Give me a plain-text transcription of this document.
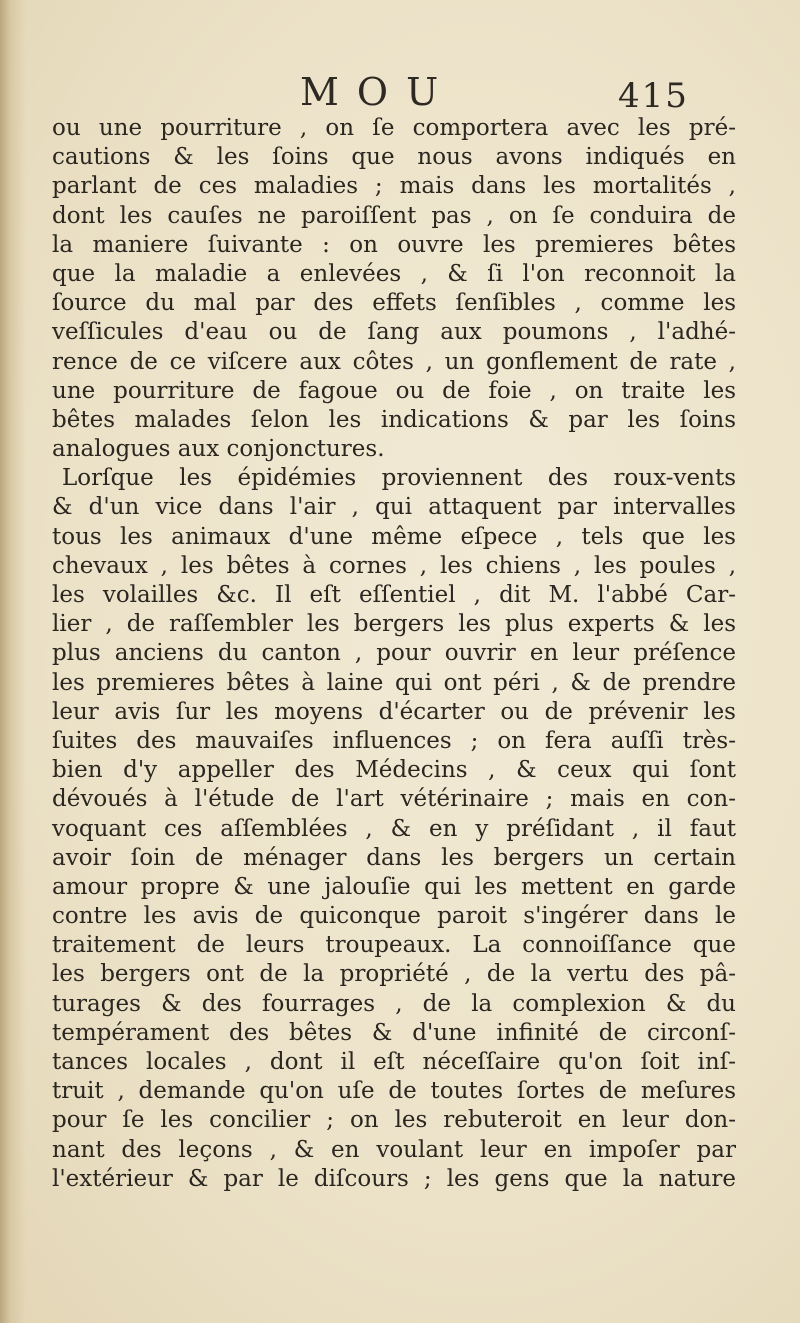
MOU	415
ou une pourriture , on ſe comportera avec les pré-
cautions & les ſoins que nous avons indiqués en
parlant de ces maladies ; mais dans les mortalités ,
dont les cauſes ne paroiſſent pas , on ſe conduira de
la maniere ſuivante : on ouvre les premieres bêtes
que la maladie a enlevées , & ſi l'on reconnoit la
ſource du mal par des effets ſenſibles , comme les
veſſicules d'eau ou de ſang aux poumons , l'adhé-
rence de ce viſcere aux côtes , un gonflement de rate ,
une pourriture de fagoue ou de foie , on traite les
bêtes malades ſelon les indications & par les ſoins
analogues aux conjonctures.
Lorſque les épidémies proviennent des roux-vents
& d'un vice dans l'air , qui attaquent par intervalles
tous les animaux d'une même eſpece , tels que les
chevaux , les bêtes à cornes , les chiens , les poules ,
les volailles &c. Il eſt eſſentiel , dit M. l'abbé Car-
lier , de raſſembler les bergers les plus experts & les
plus anciens du canton , pour ouvrir en leur préſence
les premieres bêtes à laine qui ont péri , & de prendre
leur avis ſur les moyens d'écarter ou de prévenir les
ſuites des mauvaiſes influences ; on fera auſſi très-
bien d'y appeller des Médecins , & ceux qui ſont
dévoués à l'étude de l'art vétérinaire ; mais en con-
voquant ces aſſemblées , & en y préſidant , il faut
avoir ſoin de ménager dans les bergers un certain
amour propre & une jalouſie qui les mettent en garde
contre les avis de quiconque paroit s'ingérer dans le
traitement de leurs troupeaux. La connoiſſance que
les bergers ont de la propriété , de la vertu des pâ-
turages & des fourrages , de la complexion & du
tempérament des bêtes & d'une infinité de circonſ-
tances locales , dont il eſt néceſſaire qu'on ſoit inſ-
truit , demande qu'on uſe de toutes ſortes de meſures
pour ſe les concilier ; on les rebuteroit en leur don-
nant des leçons , & en voulant leur en impoſer par
l'extérieur & par le diſcours ; les gens que la nature
